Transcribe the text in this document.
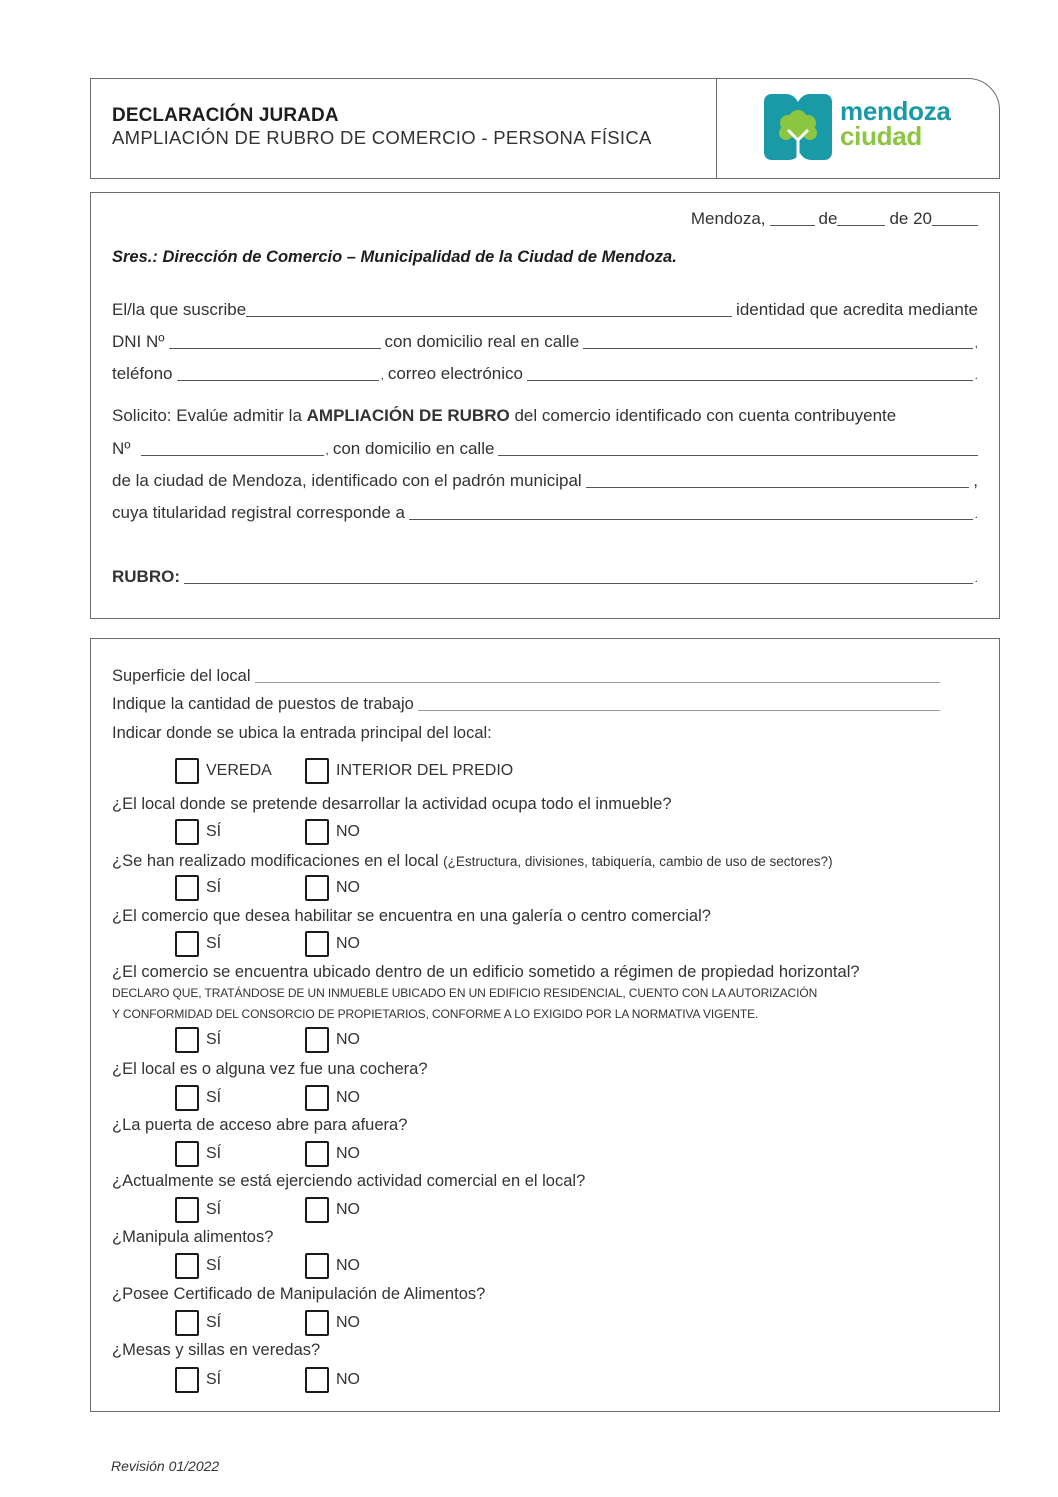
DECLARACIÓN JURADA
AMPLIACIÓN DE RUBRO DE COMERCIO - PERSONA FÍSICA
mendoza
ciudad
Mendoza,	de	de 20
Sres.: Dirección de Comercio – Municipalidad de la Ciudad de Mendoza.
El/la que suscribe	identidad que acredita mediante
DNI Nº	con domicilio real en calle	,
teléfono	, correo electrónico	.
Solicito: Evalúe admitir la
AMPLIACIÓN DE RUBRO
del comercio identificado con cuenta contribuyente
Nº	, con domicilio en calle
de la ciudad de Mendoza, identificado con el padrón municipal	,
cuya titularidad registral corresponde a	.
RUBRO:	.
Superficie del local
Indique la cantidad de puestos de trabajo
Indicar donde se ubica la entrada principal del local:
VEREDA	INTERIOR DEL PREDIO
¿El local donde se pretende desarrollar la actividad ocupa todo el inmueble?
SÍ	NO
¿Se han realizado modificaciones en el local (¿Estructura, divisiones, tabiquería, cambio de uso de sectores?)
SÍ	NO
¿El comercio que desea habilitar se encuentra en una galería o centro comercial?
SÍ	NO
¿El comercio se encuentra ubicado dentro de un edificio sometido a régimen de propiedad horizontal?
DECLARO QUE, TRATÁNDOSE DE UN INMUEBLE UBICADO EN UN EDIFICIO RESIDENCIAL, CUENTO CON LA AUTORIZACIÓN
Y CONFORMIDAD DEL CONSORCIO DE PROPIETARIOS, CONFORME A LO EXIGIDO POR LA NORMATIVA VIGENTE.
SÍ	NO
¿El local es o alguna vez fue una cochera?
SÍ	NO
¿La puerta de acceso abre para afuera?
SÍ	NO
¿Actualmente se está ejerciendo actividad comercial en el local?
SÍ	NO
¿Manipula alimentos?
SÍ	NO
¿Posee Certificado de Manipulación de Alimentos?
SÍ	NO
¿Mesas y sillas en veredas?
SÍ	NO
Revisión 01/2022
